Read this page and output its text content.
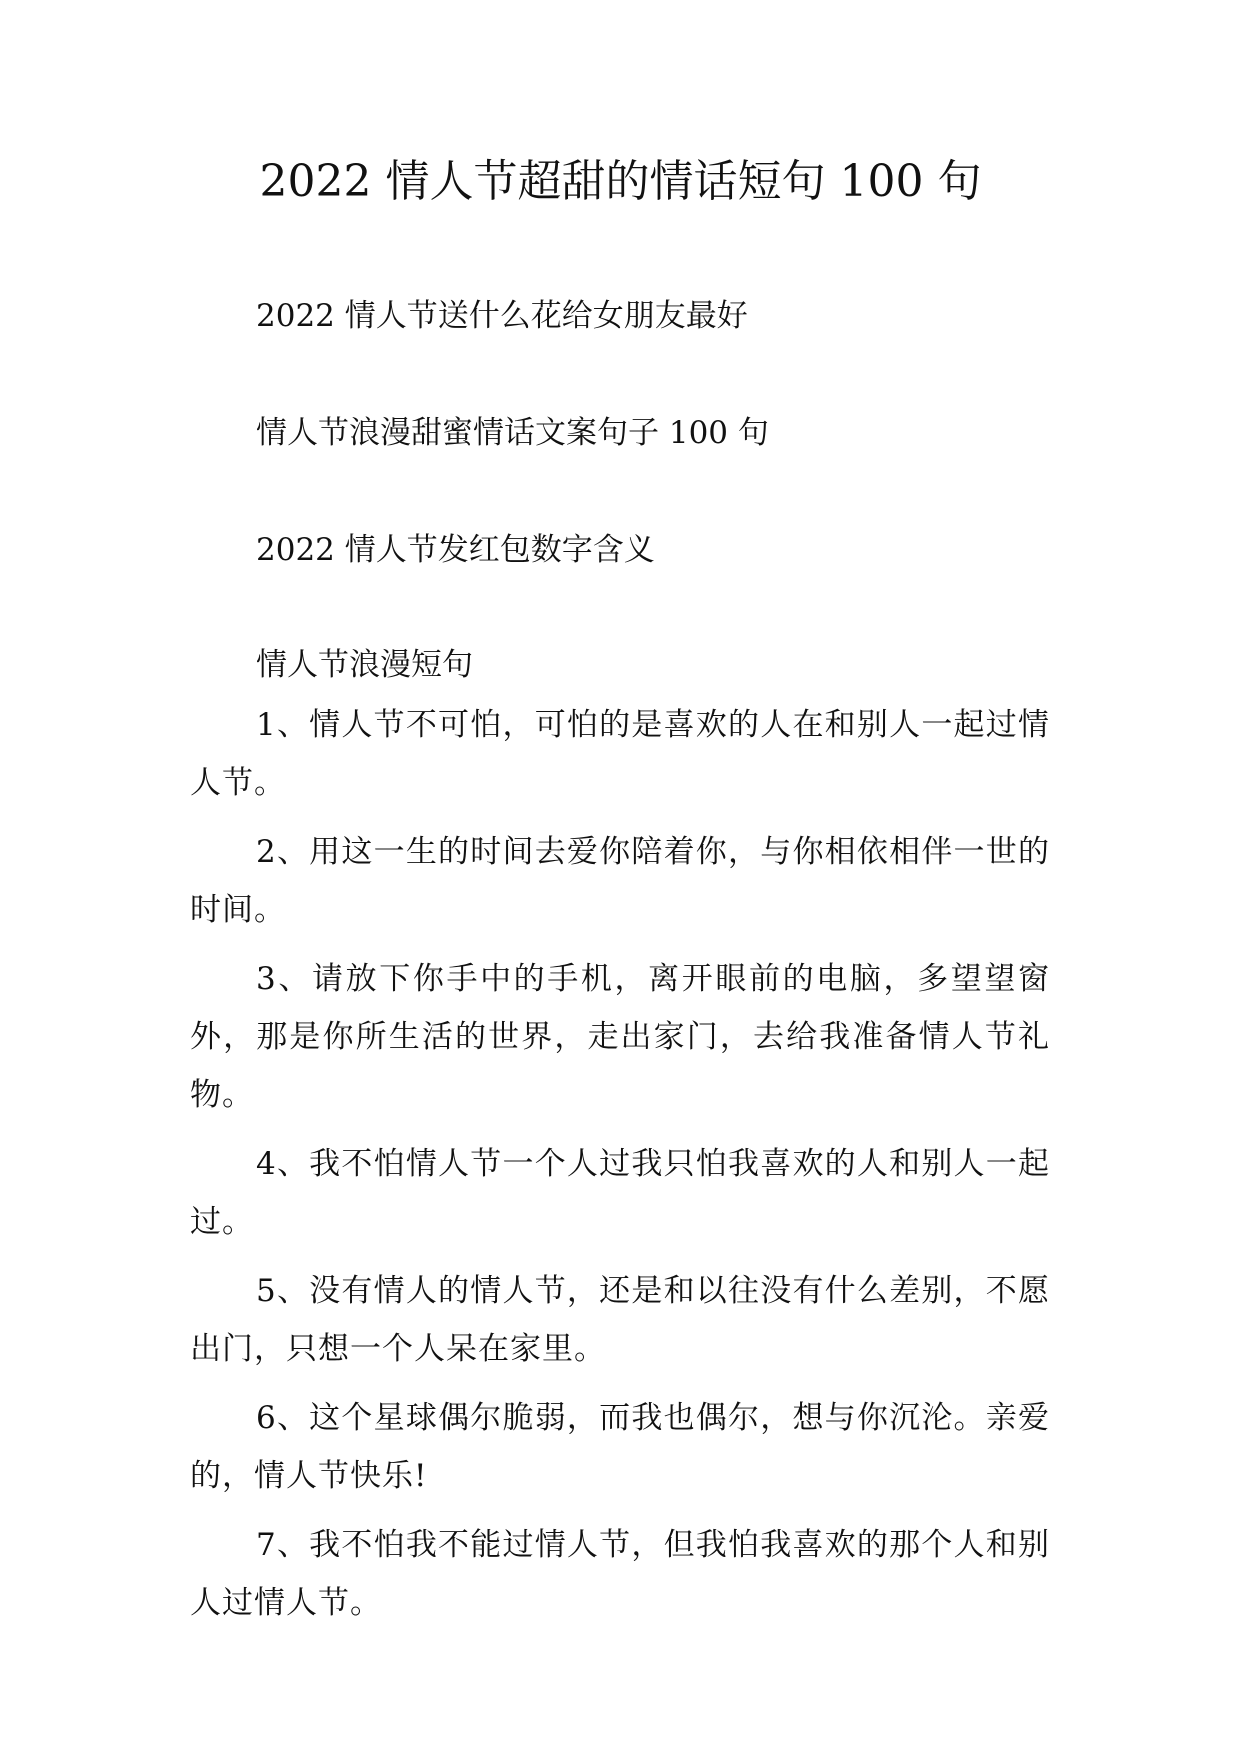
2022 情人节超甜的情话短句 100 句
2022 情人节送什么花给女朋友最好
情人节浪漫甜蜜情话文案句子 100 句
2022 情人节发红包数字含义
情人节浪漫短句

1、情人节不可怕，可怕的是喜欢的人在和别人一起过情人节。

2、用这一生的时间去爱你陪着你，与你相依相伴一世的时间。

3、请放下你手中的手机，离开眼前的电脑，多望望窗外，那是你所生活的世界，走出家门，去给我准备情人节礼物。

4、我不怕情人节一个人过我只怕我喜欢的人和别人一起过。

5、没有情人的情人节，还是和以往没有什么差别，不愿出门，只想一个人呆在家里。

6、这个星球偶尔脆弱，而我也偶尔，想与你沉沦。亲爱的，情人节快乐!

7、我不怕我不能过情人节，但我怕我喜欢的那个人和别人过情人节。
